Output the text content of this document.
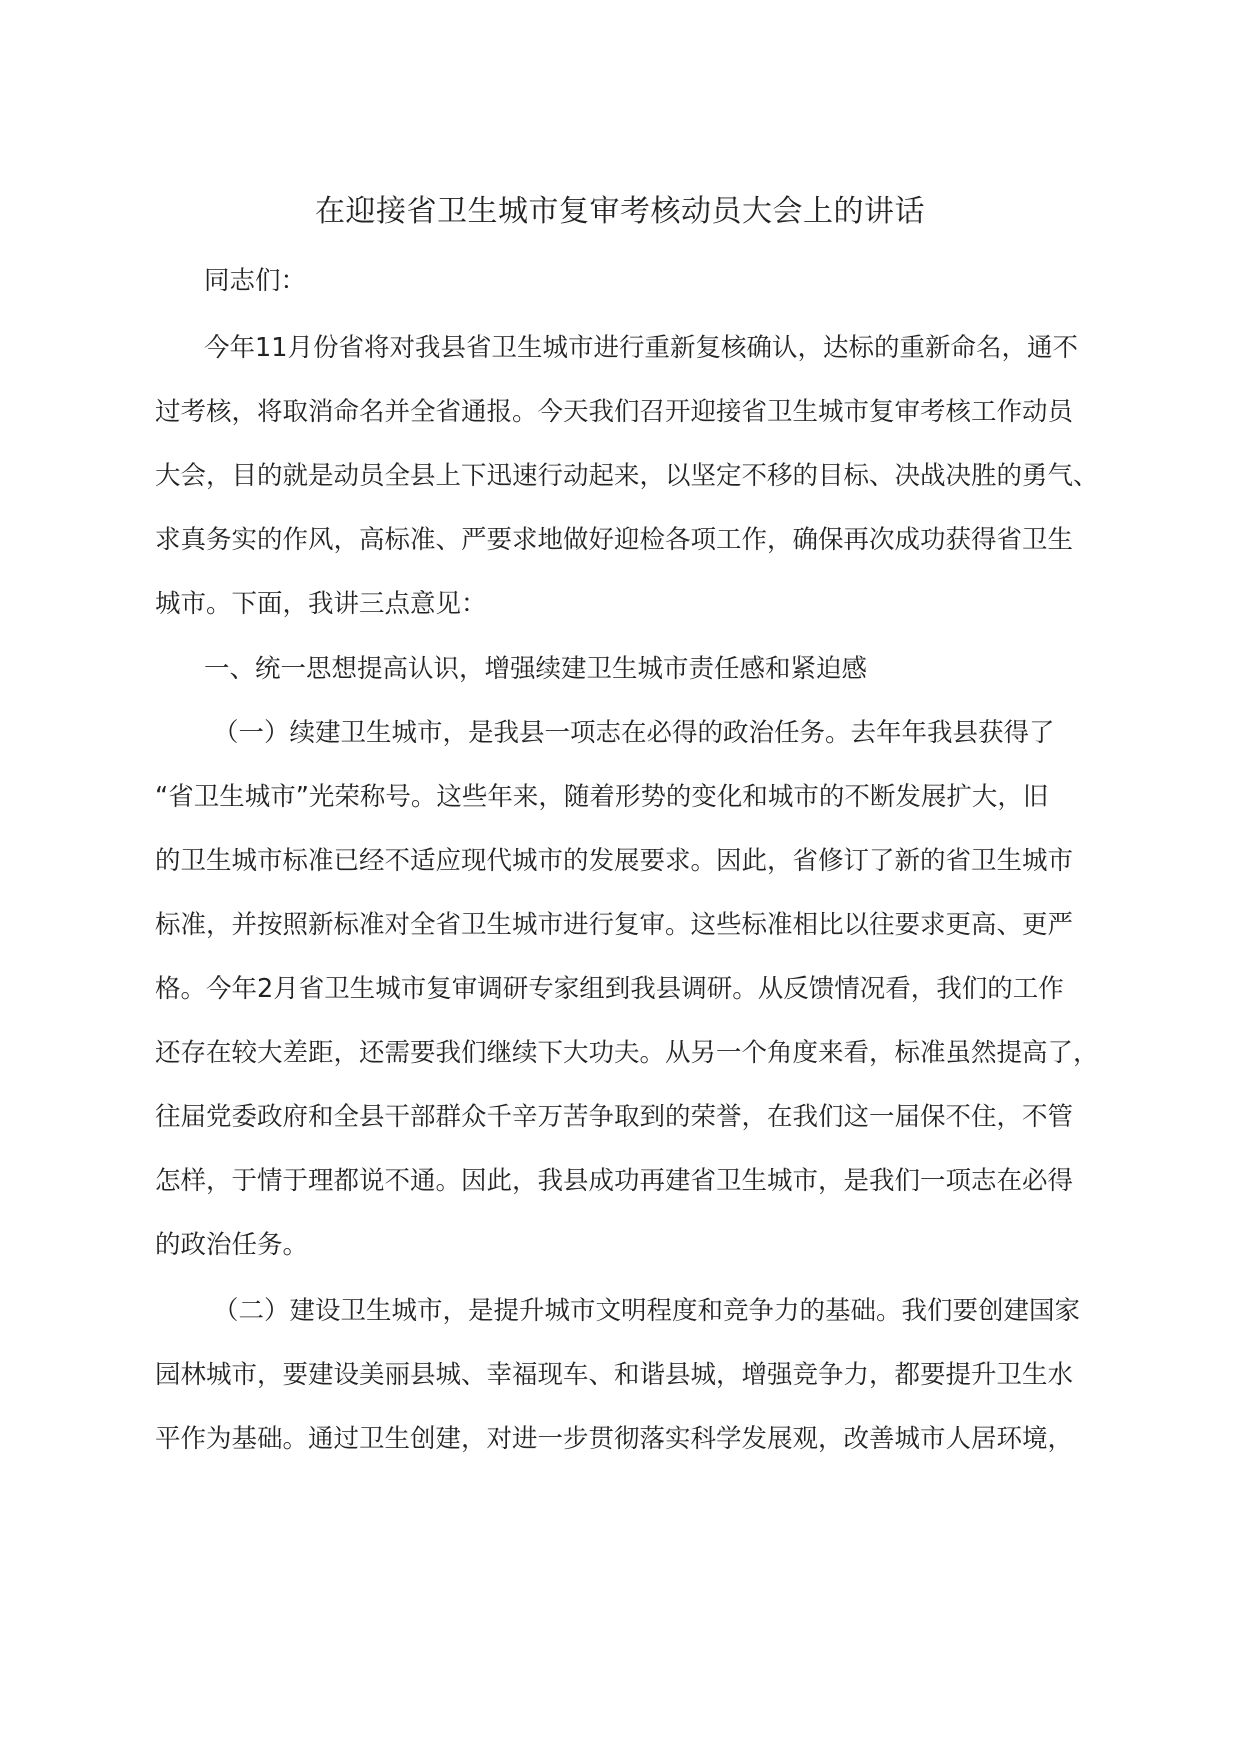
在迎接省卫生城市复审考核动员大会上的讲话

同志们：

今年11月份省将对我县省卫生城市进行重新复核确认，达标的重新命名，通不

过考核，将取消命名并全省通报。今天我们召开迎接省卫生城市复审考核工作动员

大会，目的就是动员全县上下迅速行动起来，以坚定不移的目标、决战决胜的勇气、

求真务实的作风，高标准、严要求地做好迎检各项工作，确保再次成功获得省卫生

城市。下面，我讲三点意见：

一、统一思想提高认识，增强续建卫生城市责任感和紧迫感

（一）续建卫生城市，是我县一项志在必得的政治任务。去年年我县获得了

“省卫生城市”光荣称号。这些年来，随着形势的变化和城市的不断发展扩大，旧

的卫生城市标准已经不适应现代城市的发展要求。因此，省修订了新的省卫生城市

标准，并按照新标准对全省卫生城市进行复审。这些标准相比以往要求更高、更严

格。今年2月省卫生城市复审调研专家组到我县调研。从反馈情况看，我们的工作

还存在较大差距，还需要我们继续下大功夫。从另一个角度来看，标准虽然提高了，

往届党委政府和全县干部群众千辛万苦争取到的荣誉，在我们这一届保不住，不管

怎样，于情于理都说不通。因此，我县成功再建省卫生城市，是我们一项志在必得

的政治任务。

（二）建设卫生城市，是提升城市文明程度和竞争力的基础。我们要创建国家

园林城市，要建设美丽县城、幸福现车、和谐县城，增强竞争力，都要提升卫生水

平作为基础。通过卫生创建，对进一步贯彻落实科学发展观，改善城市人居环境，
